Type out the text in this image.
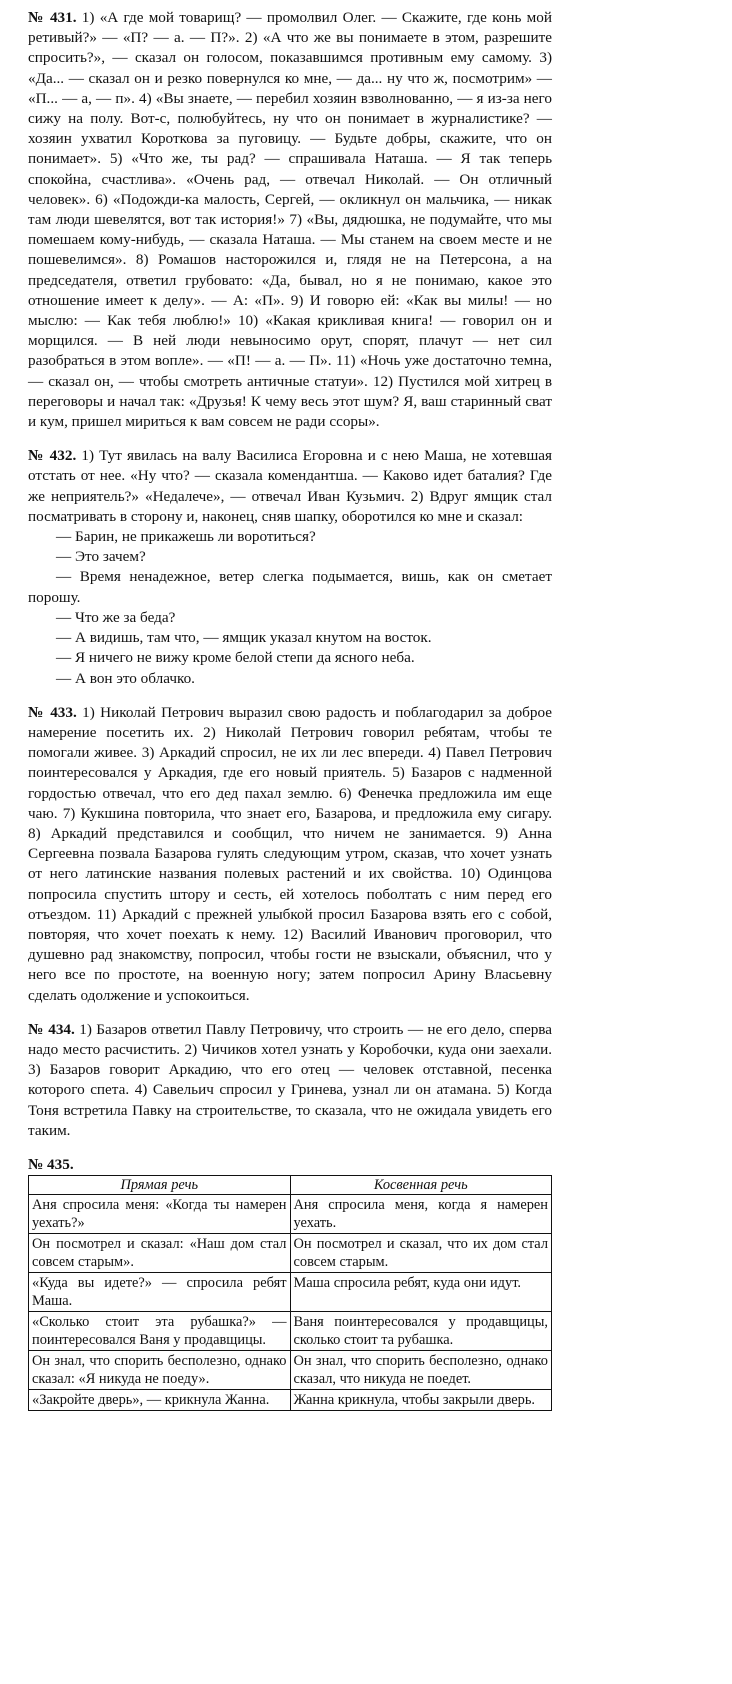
№ 431. 1) «А где мой товарищ? — промолвил Олег. — Скажите, где конь мой ретивый?» — «П? — а. — П?». 2) «А что же вы понимаете в этом, разрешите спросить?», — сказал он голосом, показавшимся противным ему самому. 3) «Да... — сказал он и резко повернулся ко мне, — да... ну что ж, посмотрим» — «П... — а, — п». 4) «Вы знаете, — перебил хозяин взволнованно, — я из-за него сижу на полу. Вот-с, полюбуйтесь, ну что он понимает в журналистике? — хозяин ухватил Короткова за пуговицу. — Будьте добры, скажите, что он понимает». 5) «Что же, ты рад? — спрашивала Наташа. — Я так теперь спокойна, счастлива». «Очень рад, — отвечал Николай. — Он отличный человек». 6) «Подожди-ка малость, Сергей, — окликнул он мальчика, — никак там люди шевелятся, вот так история!» 7) «Вы, дядюшка, не подумайте, что мы помешаем кому-нибудь, — сказала Наташа. — Мы станем на своем месте и не пошевелимся». 8) Ромашов насторожился и, глядя не на Петерсона, а на председателя, ответил грубовато: «Да, бывал, но я не понимаю, какое это отношение имеет к делу». — А: «П». 9) И говорю ей: «Как вы милы! — но мыслю: — Как тебя люблю!» 10) «Какая крикливая книга! — говорил он и морщился. — В ней люди невыносимо орут, спорят, плачут — нет сил разобраться в этом вопле». — «П! — а. — П». 11) «Ночь уже достаточно темна, — сказал он, — чтобы смотреть античные статуи». 12) Пустился мой хитрец в переговоры и начал так: «Друзья! К чему весь этот шум? Я, ваш старинный сват и кум, пришел мириться к вам совсем не ради ссоры».

№ 432. 1) Тут явилась на валу Василиса Егоровна и с нею Маша, не хотевшая отстать от нее. «Ну что? — сказала комендантша. — Каково идет баталия? Где же неприятель?» «Недалече», — отвечал Иван Кузьмич. 2) Вдруг ямщик стал посматривать в сторону и, наконец, сняв шапку, оборотился ко мне и сказал:

— Барин, не прикажешь ли воротиться?

— Это зачем?

— Время ненадежное, ветер слегка подымается, вишь, как он сметает порошу.

— Что же за беда?

— А видишь, там что, — ямщик указал кнутом на восток.

— Я ничего не вижу кроме белой степи да ясного неба.

— А вон это облачко.

№ 433. 1) Николай Петрович выразил свою радость и поблагодарил за доброе намерение посетить их. 2) Николай Петрович говорил ребятам, чтобы те помогали живее. 3) Аркадий спросил, не их ли лес впереди. 4) Павел Петрович поинтересовался у Аркадия, где его новый приятель. 5) Базаров с надменной гордостью отвечал, что его дед пахал землю. 6) Фенечка предложила им еще чаю. 7) Кукшина повторила, что знает его, Базарова, и предложила ему сигару. 8) Аркадий представился и сообщил, что ничем не занимается. 9) Анна Сергеевна позвала Базарова гулять следующим утром, сказав, что хочет узнать от него латинские названия полевых растений и их свойства. 10) Одинцова попросила спустить штору и сесть, ей хотелось поболтать с ним перед его отъездом. 11) Аркадий с прежней улыбкой просил Базарова взять его с собой, повторяя, что хочет поехать к нему. 12) Василий Иванович проговорил, что душевно рад знакомству, попросил, чтобы гости не взыскали, объяснил, что у него все по простоте, на военную ногу; затем попросил Арину Власьевну сделать одолжение и успокоиться.

№ 434. 1) Базаров ответил Павлу Петровичу, что строить — не его дело, сперва надо место расчистить. 2) Чичиков хотел узнать у Коробочки, куда они заехали. 3) Базаров говорит Аркадию, что его отец — человек отставной, песенка которого спета. 4) Савельич спросил у Гринева, узнал ли он атамана. 5) Когда Тоня встретила Павку на строительстве, то сказала, что не ожидала увидеть его таким.

№ 435.
Прямая речь	Косвенная речь
Аня спросила меня: «Когда ты намерен уехать?»	Аня спросила меня, когда я намерен уехать.
Он посмотрел и сказал: «Наш дом стал совсем старым».	Он посмотрел и сказал, что их дом стал совсем старым.
«Куда вы идете?» — спросила ребят Маша.	Маша спросила ребят, куда они идут.
«Сколько стоит эта рубашка?» — поинтересовался Ваня у продавщицы.	Ваня поинтересовался у продавщицы, сколько стоит та рубашка.
Он знал, что спорить бесполезно, однако сказал: «Я никуда не поеду».	Он знал, что спорить бесполезно, однако сказал, что никуда не поедет.
«Закройте дверь», — крикнула Жанна.	Жанна крикнула, чтобы закрыли дверь.
